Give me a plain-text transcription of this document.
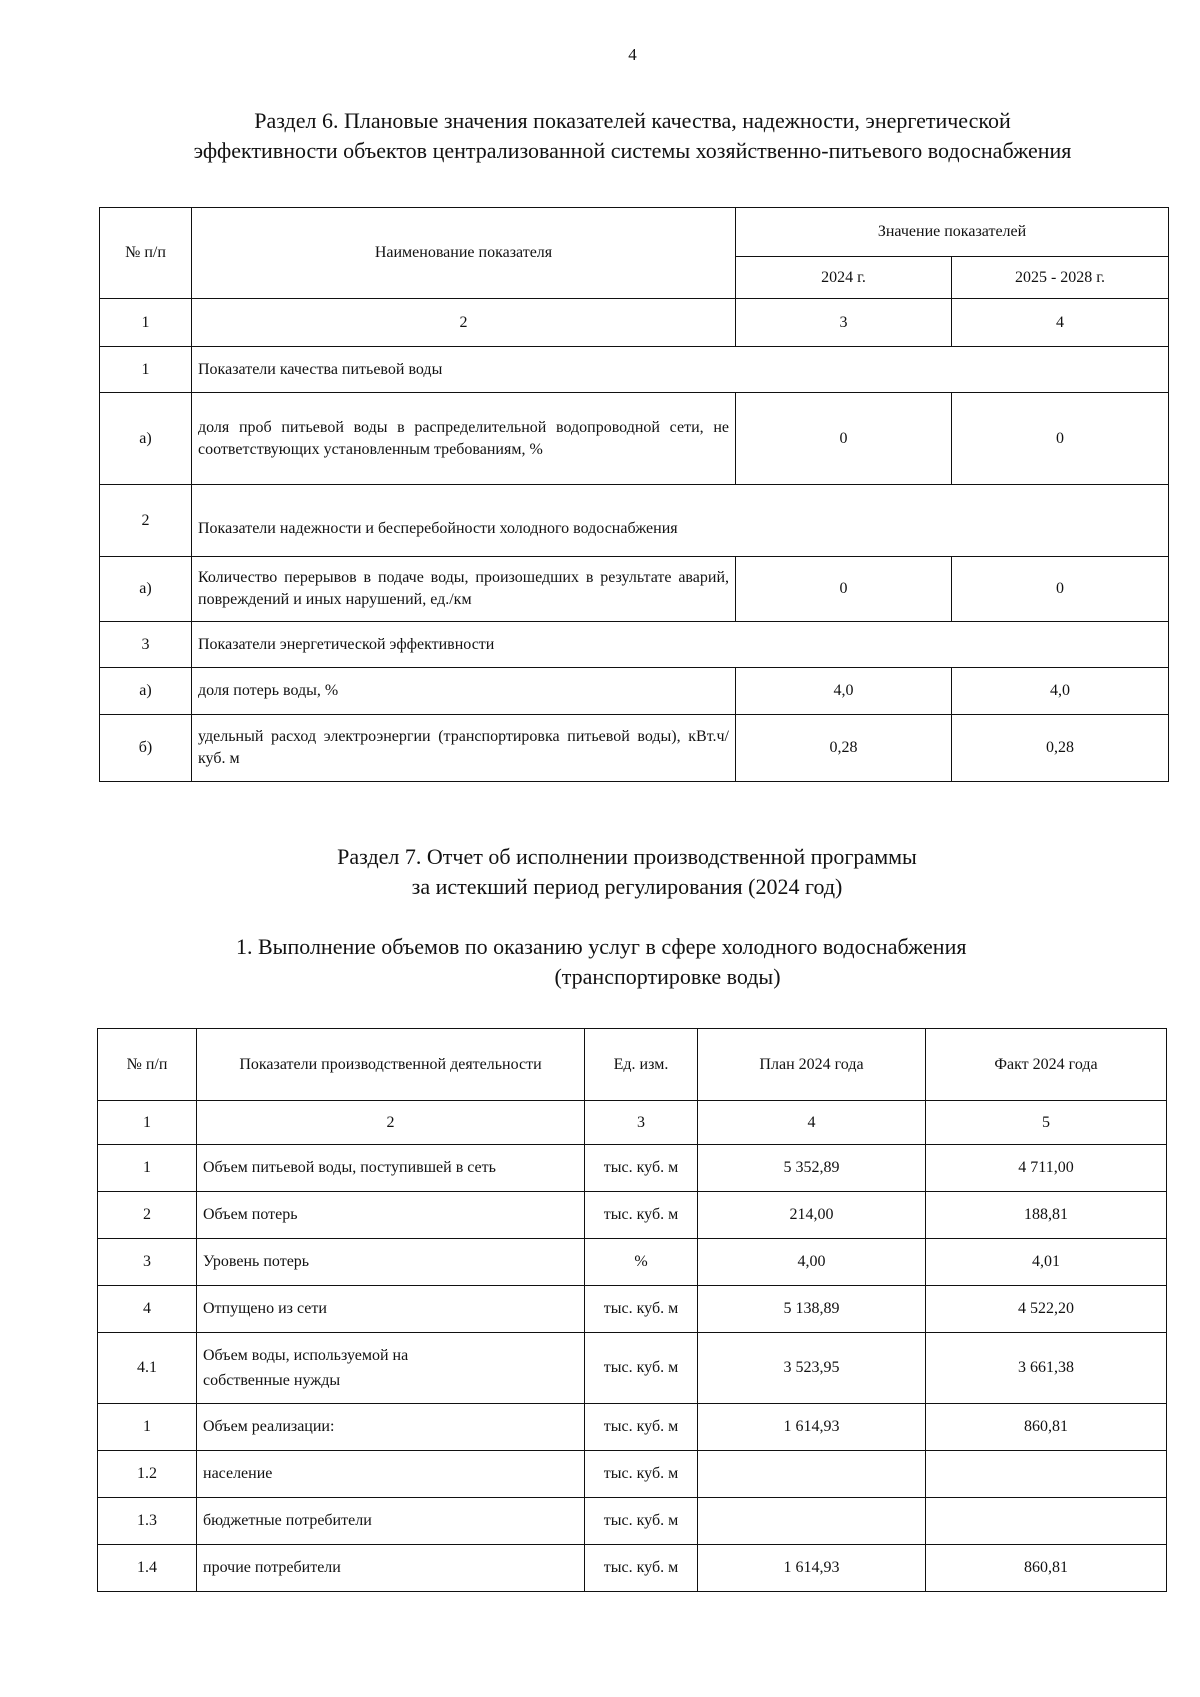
4

Раздел 6. Плановые значения показателей качества, надежности, энергетической

эффективности объектов централизованной системы хозяйственно-питьевого водоснабжения

№ п/п	Наименование показателя	Значение показателей	
		2024 г.	2025 - 2028 г.
1	2	3	4
1	Показатели качества питьевой воды		
а)	доля проб питьевой воды в распределительной водопроводной сети, не соответствующих установленным требованиям, %	0	0
2	Показатели надежности и бесперебойности холодного водоснабжения		
а)	Количество перерывов в подаче воды, произошедших в результате аварий, повреждений и иных нарушений, ед./км	0	0
3	Показатели энергетической эффективности		
а)	доля потерь воды, %	4,0	4,0
б)	удельный расход электроэнергии (транспортировка питьевой воды), кВт.ч/куб. м	0,28	0,28

Раздел 7. Отчет об исполнении производственной программы

за истекший период регулирования (2024 год)

1. Выполнение объемов по оказанию услуг в сфере холодного водоснабжения
(транспортировке воды)
№ п/п	Показатели производственной деятельности	Ед. изм.	План 2024 года	Факт 2024 года
1	2	3	4	5
1	Объем питьевой воды, поступившей в сеть	тыс. куб. м	5 352,89	4 711,00
2	Объем потерь	тыс. куб. м	214,00	188,81
3	Уровень потерь	%	4,00	4,01
4	Отпущено из сети	тыс. куб. м	5 138,89	4 522,20
4.1	Объем воды, используемой на собственные нужды	тыс. куб. м	3 523,95	3 661,38
1	Объем реализации:	тыс. куб. м	1 614,93	860,81
1.2	население	тыс. куб. м		
1.3	бюджетные потребители	тыс. куб. м		
1.4	прочие потребители	тыс. куб. м	1 614,93	860,81
